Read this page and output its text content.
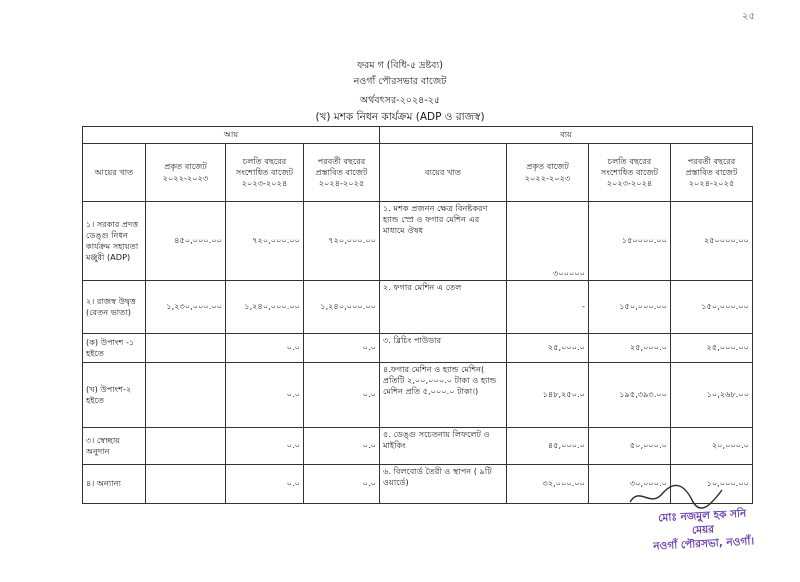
২৫
ফরম গ (বিধি-৫ দ্রষ্টব্য)
নওগাঁ পৌরসভার বাজেট
অর্থবৎসর-২০২৪-২৫
(খ) মশক নিধন কার্যক্রম (ADP ও রাজস্ব)
আয়				ব্যয়			
আয়ের খাত	প্রকৃত বাজেট ২০২২-২০২৩	চলতি বছরের সংশোধিত বাজেট ২০২৩-২০২৪	পরবর্তী বছরের প্রস্তাবিত বাজেট ২০২৪-২০২৫	ব্যয়ের খাত	প্রকৃত বাজেট ২০২২-২০২৩	চলতি বছরের সংশোধিত বাজেট ২০২৩-২০২৪	পরবর্তী বছরের প্রস্তাবিত বাজেট ২০২৪-২০২৫
১। সরকার প্রদত্ত ডেঙ্গু নিধন কার্যক্রম সহায়তা মঞ্জুরী (ADP)	৪৫০,০০০.০০	৭২০,০০০.০০	৭২০,০০০.০০	১. মশক প্রজনন ক্ষেত্র বিনষ্টকরণ হ্যান্ড স্প্রে ও ফগার মেশিন এর মাধ্যমে ঔষধ	৩০০০০০	১৫০০০০.০০	২৫০০০০.০০
২। রাজস্ব উদ্বৃত্ত (বেতন ভাতা)	১,২৩০,০০০.০০	১,২৪০,০০০.০০	১,২৪০,০০০.০০	২. ফগার মেশিন এ তেল	-	১৫০,০০০.০০	১৫০,০০০.০০
(ক) উপাংশ -১ হইতে		০.০	০.০	৩. ব্লিচিং পাউডার	২৫,০০০.০	২৫,০০০.০	২৫,০০০.০০
(খ) উপাংশ-২ হইতে		০.০	০.০	৪.ফগার মেশিন ও হ্যান্ড মেশিন( প্রতিটি ২,০০,০০০.০ টাকা ও হ্যান্ড মেশিন প্রতি ৫,০০০.০ টাকা।)	১৪৮,২৫০.০	১৯৫,৩৯৩.০০	১০,২৬৮.০০
৩। স্বেচ্ছায় অনুদান		০.০	০.০	৫. ডেঙ্গু সচেতনায় লিফলেট ও মাইকিং	৪৫,০০০.০	৫০,০০০.০	২০,০০০.০
৪। অন্যান্য		০.০	০.০	৬. বিলবোর্ড তৈরী ও স্থাপন ( ৯টি ওয়ার্ডে)	৩২,০০০.০০	৩০,০০০.০	১০,০০০.০০
মোঃ নজমুল হক সনি
মেয়র
নওগাঁ পৌরসভা, নওগাঁ।
